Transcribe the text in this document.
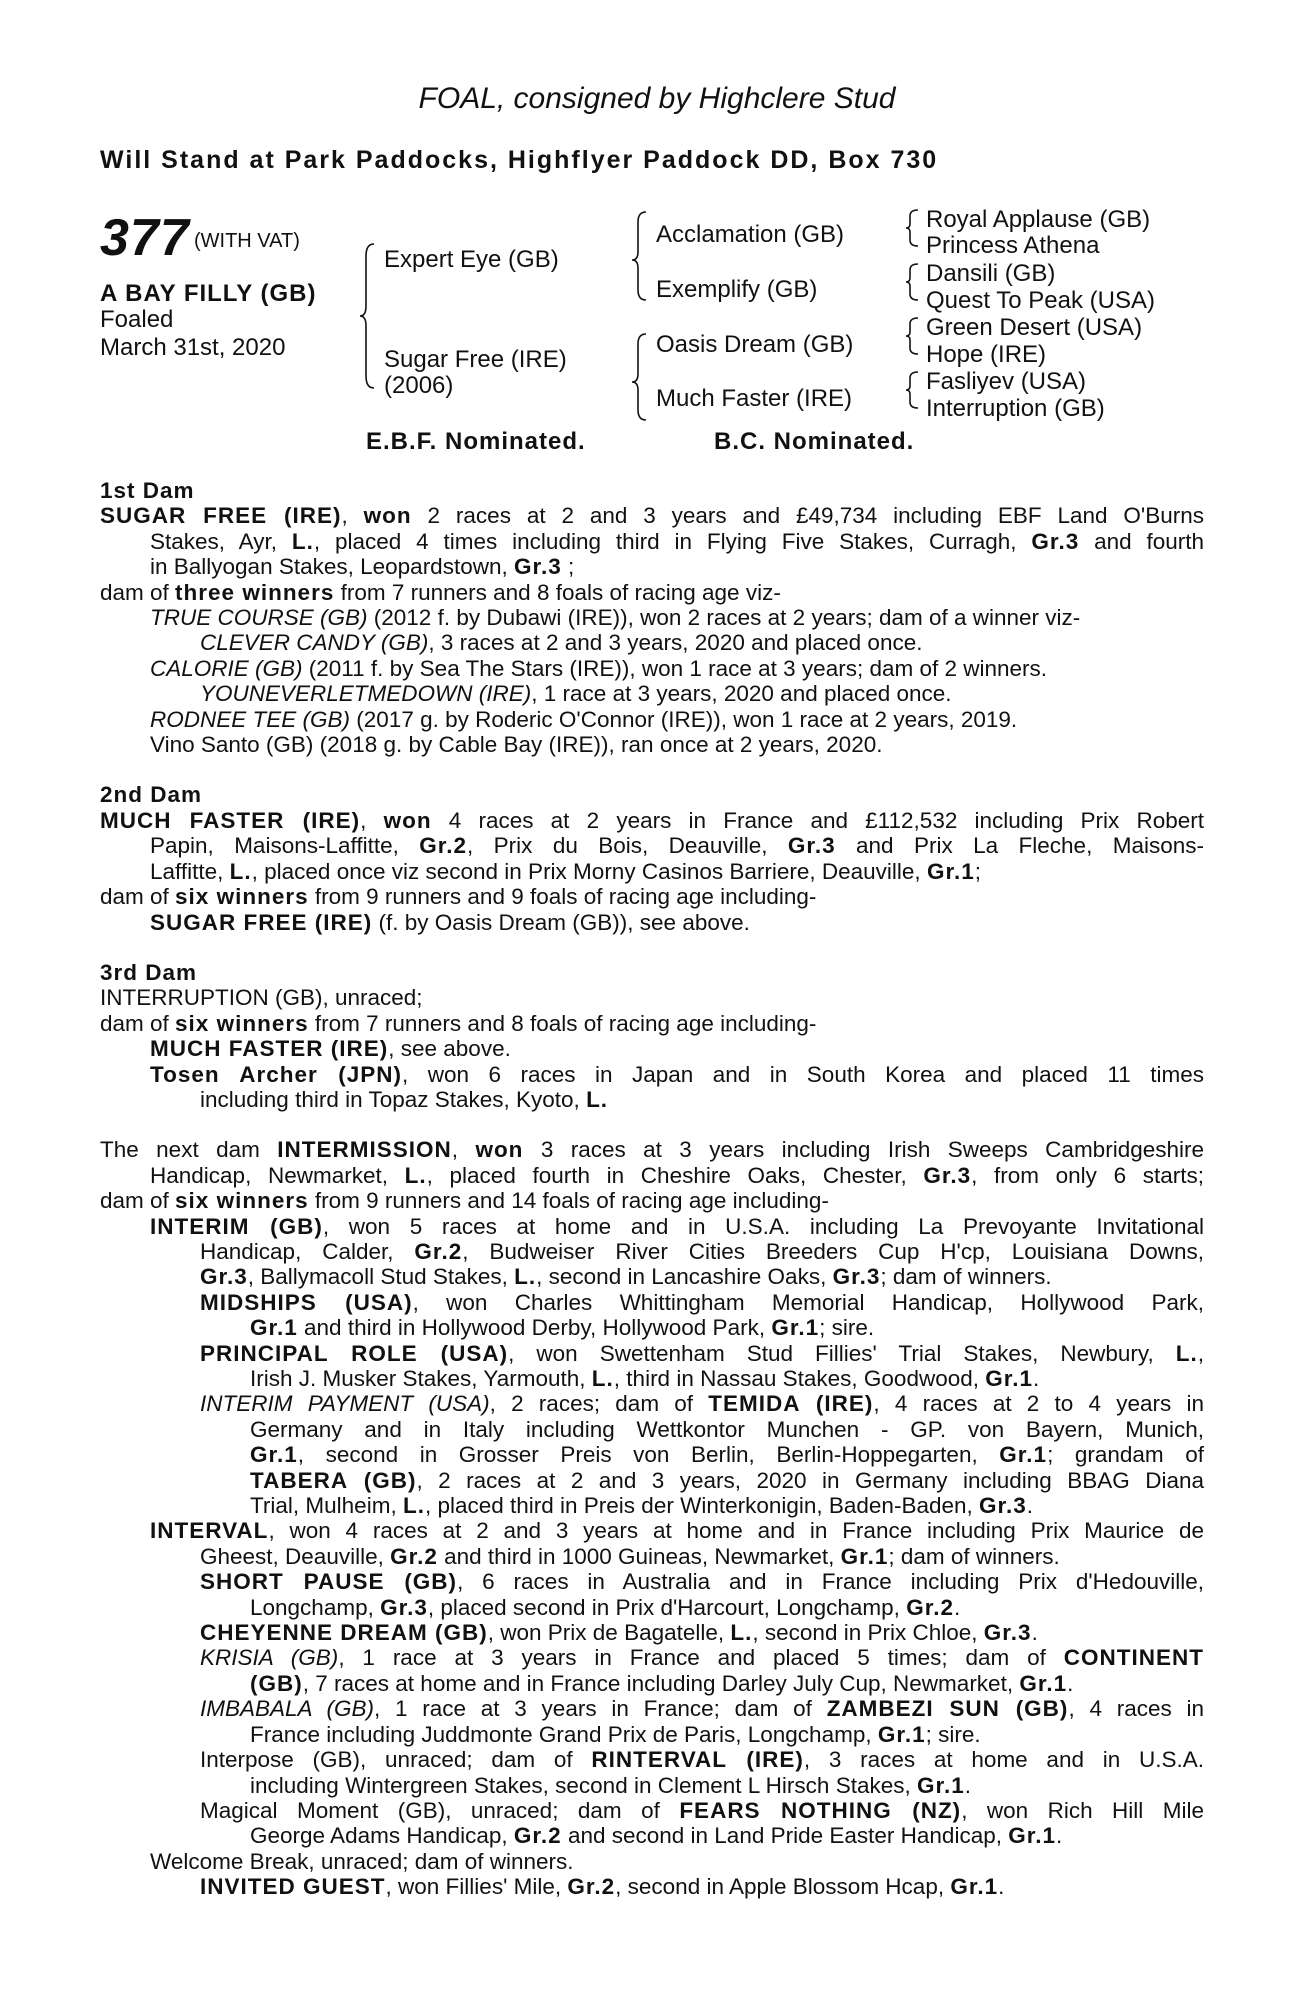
FOAL, consigned by Highclere Stud
Will Stand at Park Paddocks, Highflyer Paddock DD, Box 730
377 (WITH VAT)
A BAY FILLY (GB)
Foaled
March 31st, 2020
Expert Eye (GB)
Sugar Free (IRE)
(2006)
Acclamation (GB)
Exemplify (GB)
Oasis Dream (GB)
Much Faster (IRE)
Royal Applause (GB)
Princess Athena
Dansili (GB)
Quest To Peak (USA)
Green Desert (USA)
Hope (IRE)
Fasliyev (USA)
Interruption (GB)
E.B.F. Nominated.	B.C. Nominated.
1st Dam
SUGAR FREE (IRE), won 2 races at 2 and 3 years and £49,734 including EBF Land O'Burns
Stakes, Ayr, L., placed 4 times including third in Flying Five Stakes, Curragh, Gr.3 and fourth
in Ballyogan Stakes, Leopardstown, Gr.3 ;
dam of three winners from 7 runners and 8 foals of racing age viz-
TRUE COURSE (GB) (2012 f. by Dubawi (IRE)), won 2 races at 2 years; dam of a winner viz-
CLEVER CANDY (GB), 3 races at 2 and 3 years, 2020 and placed once.
CALORIE (GB) (2011 f. by Sea The Stars (IRE)), won 1 race at 3 years; dam of 2 winners.
YOUNEVERLETMEDOWN (IRE), 1 race at 3 years, 2020 and placed once.
RODNEE TEE (GB) (2017 g. by Roderic O'Connor (IRE)), won 1 race at 2 years, 2019.
Vino Santo (GB) (2018 g. by Cable Bay (IRE)), ran once at 2 years, 2020.
2nd Dam
MUCH FASTER (IRE), won 4 races at 2 years in France and £112,532 including Prix Robert
Papin, Maisons-Laffitte, Gr.2, Prix du Bois, Deauville, Gr.3 and Prix La Fleche, Maisons-
Laffitte, L., placed once viz second in Prix Morny Casinos Barriere, Deauville, Gr.1;
dam of six winners from 9 runners and 9 foals of racing age including-
SUGAR FREE (IRE) (f. by Oasis Dream (GB)), see above.
3rd Dam
INTERRUPTION (GB), unraced;
dam of six winners from 7 runners and 8 foals of racing age including-
MUCH FASTER (IRE), see above.
Tosen Archer (JPN), won 6 races in Japan and in South Korea and placed 11 times
including third in Topaz Stakes, Kyoto, L.
The next dam INTERMISSION, won 3 races at 3 years including Irish Sweeps Cambridgeshire
Handicap, Newmarket, L., placed fourth in Cheshire Oaks, Chester, Gr.3, from only 6 starts;
dam of six winners from 9 runners and 14 foals of racing age including-
INTERIM (GB), won 5 races at home and in U.S.A. including La Prevoyante Invitational
Handicap, Calder, Gr.2, Budweiser River Cities Breeders Cup H'cp, Louisiana Downs,
Gr.3, Ballymacoll Stud Stakes, L., second in Lancashire Oaks, Gr.3; dam of winners.
MIDSHIPS (USA), won Charles Whittingham Memorial Handicap, Hollywood Park,
Gr.1 and third in Hollywood Derby, Hollywood Park, Gr.1; sire.
PRINCIPAL ROLE (USA), won Swettenham Stud Fillies' Trial Stakes, Newbury, L.,
Irish J. Musker Stakes, Yarmouth, L., third in Nassau Stakes, Goodwood, Gr.1.
INTERIM PAYMENT (USA), 2 races; dam of TEMIDA (IRE), 4 races at 2 to 4 years in
Germany and in Italy including Wettkontor Munchen - GP. von Bayern, Munich,
Gr.1, second in Grosser Preis von Berlin, Berlin-Hoppegarten, Gr.1; grandam of
TABERA (GB), 2 races at 2 and 3 years, 2020 in Germany including BBAG Diana
Trial, Mulheim, L., placed third in Preis der Winterkonigin, Baden-Baden, Gr.3.
INTERVAL, won 4 races at 2 and 3 years at home and in France including Prix Maurice de
Gheest, Deauville, Gr.2 and third in 1000 Guineas, Newmarket, Gr.1; dam of winners.
SHORT PAUSE (GB), 6 races in Australia and in France including Prix d'Hedouville,
Longchamp, Gr.3, placed second in Prix d'Harcourt, Longchamp, Gr.2.
CHEYENNE DREAM (GB), won Prix de Bagatelle, L., second in Prix Chloe, Gr.3.
KRISIA (GB), 1 race at 3 years in France and placed 5 times; dam of CONTINENT
(GB), 7 races at home and in France including Darley July Cup, Newmarket, Gr.1.
IMBABALA (GB), 1 race at 3 years in France; dam of ZAMBEZI SUN (GB), 4 races in
France including Juddmonte Grand Prix de Paris, Longchamp, Gr.1; sire.
Interpose (GB), unraced; dam of RINTERVAL (IRE), 3 races at home and in U.S.A.
including Wintergreen Stakes, second in Clement L Hirsch Stakes, Gr.1.
Magical Moment (GB), unraced; dam of FEARS NOTHING (NZ), won Rich Hill Mile
George Adams Handicap, Gr.2 and second in Land Pride Easter Handicap, Gr.1.
Welcome Break, unraced; dam of winners.
INVITED GUEST, won Fillies' Mile, Gr.2, second in Apple Blossom Hcap, Gr.1.
